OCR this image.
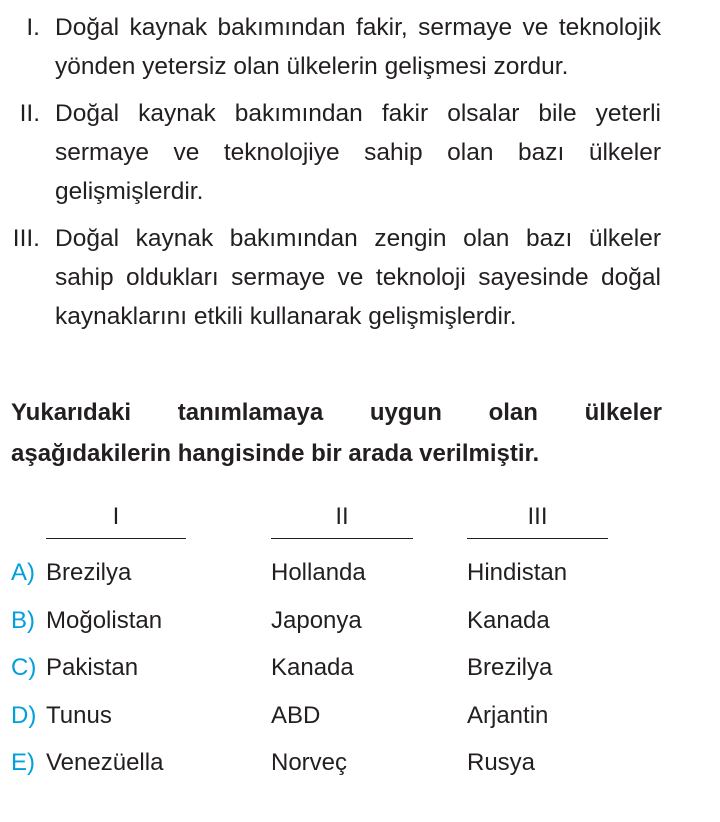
I. Doğal kaynak bakımından fakir, sermaye ve teknolojik yönden yetersiz olan ülkelerin gelişmesi zordur.
II. Doğal kaynak bakımından fakir olsalar bile yeterli sermaye ve teknolojiye sahip olan bazı ülkeler gelişmişlerdir.
III. Doğal kaynak bakımından zengin olan bazı ülkeler sahip oldukları sermaye ve teknoloji sayesinde doğal kaynaklarını etkili kullanarak gelişmişlerdir.
Yukarıdaki tanımlamaya uygun olan ülkeler aşağıdakilerin hangisinde bir arada verilmiştir.
I	II	III
A) Brezilya	Hollanda	Hindistan
B) Moğolistan	Japonya	Kanada
C) Pakistan	Kanada	Brezilya
D) Tunus	ABD	Arjantin
E) Venezüella	Norveç	Rusya
